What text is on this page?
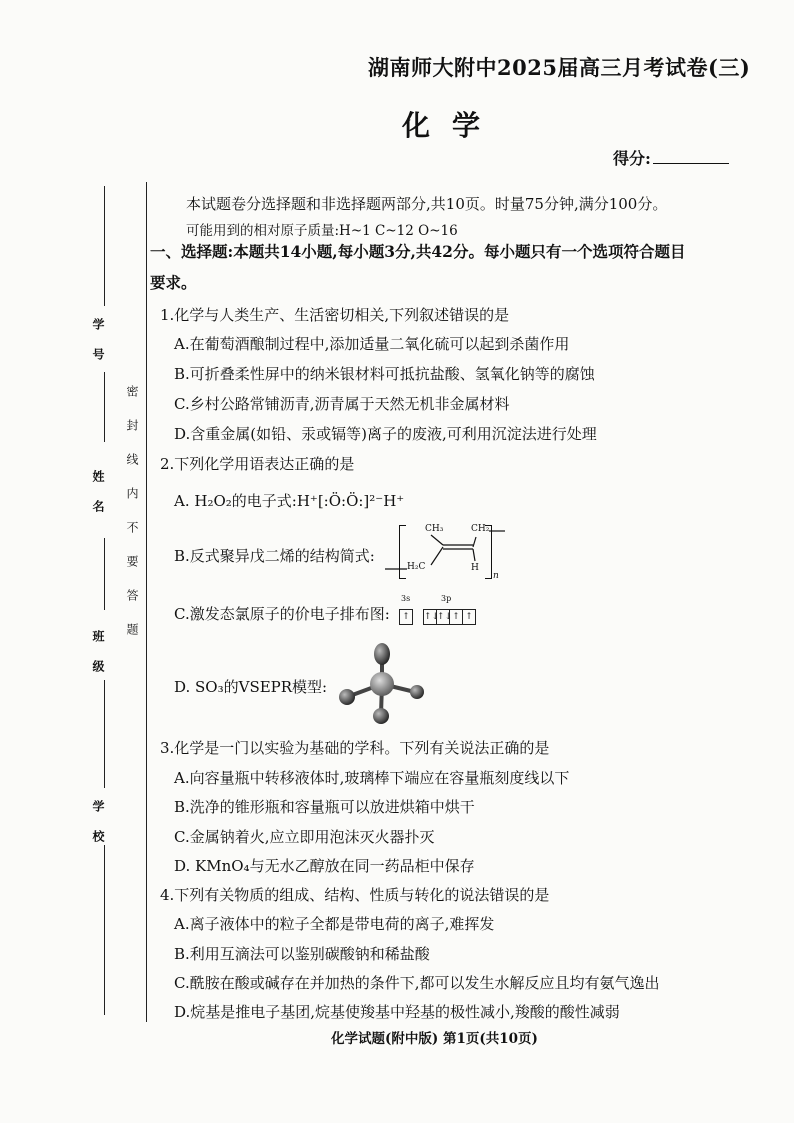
湖南师大附中2025届高三月考试卷(三)
化学
得分:
密封线内不要答题
学号
姓名
班级
学校
本试题卷分选择题和非选择题两部分,共10页。时量75分钟,满分100分。
可能用到的相对原子质量:H~1 C~12 O~16
一、选择题:本题共14小题,每小题3分,共42分。每小题只有一个选项符合题目
要求。
1.化学与人类生产、生活密切相关,下列叙述错误的是
A.在葡萄酒酿制过程中,添加适量二氧化硫可以起到杀菌作用
B.可折叠柔性屏中的纳米银材料可抵抗盐酸、氢氧化钠等的腐蚀
C.乡村公路常铺沥青,沥青属于天然无机非金属材料
D.含重金属(如铅、汞或镉等)离子的废液,可利用沉淀法进行处理
2.下列化学用语表达正确的是
A. H₂O₂的电子式:H⁺[:Ö:Ö:]²⁻H⁺
B.反式聚异戊二烯的结构简式:
CH₃	CH₂
H₂C	H
n
C.激发态氯原子的价电子排布图:
3s	3p
↑ ↑↓↑↓↑ ↑
D. SO₃的VSEPR模型:
3.化学是一门以实验为基础的学科。下列有关说法正确的是
A.向容量瓶中转移液体时,玻璃棒下端应在容量瓶刻度线以下
B.洗净的锥形瓶和容量瓶可以放进烘箱中烘干
C.金属钠着火,应立即用泡沫灭火器扑灭
D. KMnO₄与无水乙醇放在同一药品柜中保存
4.下列有关物质的组成、结构、性质与转化的说法错误的是
A.离子液体中的粒子全都是带电荷的离子,难挥发
B.利用互滴法可以鉴别碳酸钠和稀盐酸
C.酰胺在酸或碱存在并加热的条件下,都可以发生水解反应且均有氨气逸出
D.烷基是推电子基团,烷基使羧基中羟基的极性减小,羧酸的酸性减弱
化学试题(附中版) 第1页(共10页)
